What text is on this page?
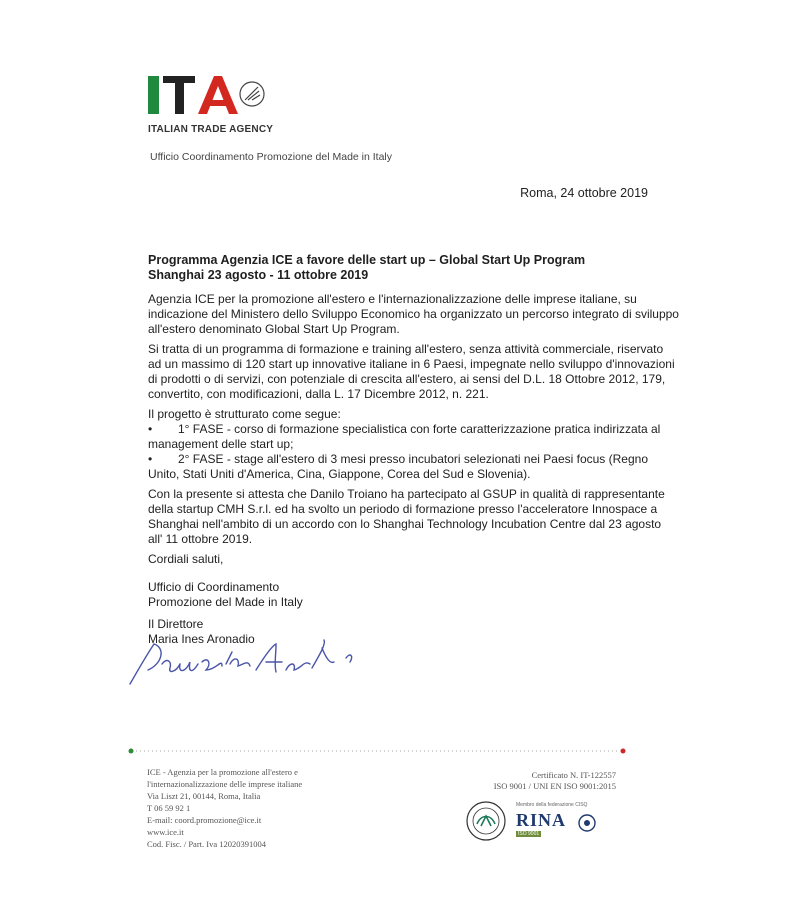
ITALIAN TRADE AGENCY
Ufficio Coordinamento Promozione del Made in Italy
Roma, 24 ottobre 2019
Programma Agenzia ICE a favore delle start up – Global Start Up Program
Shanghai 23 agosto - 11 ottobre 2019
Agenzia ICE per la promozione all'estero e l'internazionalizzazione delle imprese italiane, su
indicazione del Ministero dello Sviluppo Economico ha organizzato un percorso integrato di sviluppo
all'estero denominato Global Start Up Program.
Si tratta di un programma di formazione e training all'estero, senza attività commerciale, riservato
ad un massimo di 120 start up innovative italiane in 6 Paesi, impegnate nello sviluppo d'innovazioni
di prodotti o di servizi, con potenziale di crescita all'estero, ai sensi del D.L. 18 Ottobre 2012, 179,
convertito, con modificazioni, dalla L. 17 Dicembre 2012, n. 221.
Il progetto è strutturato come segue:
• 1° FASE - corso di formazione specialistica con forte caratterizzazione pratica indirizzata al
management delle start up;
• 2° FASE - stage all'estero di 3 mesi presso incubatori selezionati nei Paesi focus (Regno
Unito, Stati Uniti d'America, Cina, Giappone, Corea del Sud e Slovenia).
Con la presente si attesta che Danilo Troiano ha partecipato al GSUP in qualità di rappresentante
della startup CMH S.r.l. ed ha svolto un periodo di formazione presso l'acceleratore Innospace a
Shanghai nell'ambito di un accordo con lo Shanghai Technology Incubation Centre dal 23 agosto
all' 11 ottobre 2019.
Cordiali saluti,
Ufficio di Coordinamento
Promozione del Made in Italy
Il Direttore
Maria Ines Aronadio
ICE - Agenzia per la promozione all'estero e
l'internazionalizzazione delle imprese italiane
Via Liszt 21, 00144, Roma, Italia
T 06 59 92 1
E-mail: coord.promozione@ice.it
www.ice.it
Cod. Fisc. / Part. Iva 12020391004
Certificato N. IT-122557
ISO 9001 / UNI EN ISO 9001:2015
Membro della federazione CISQ
RINA
ISO 9001
